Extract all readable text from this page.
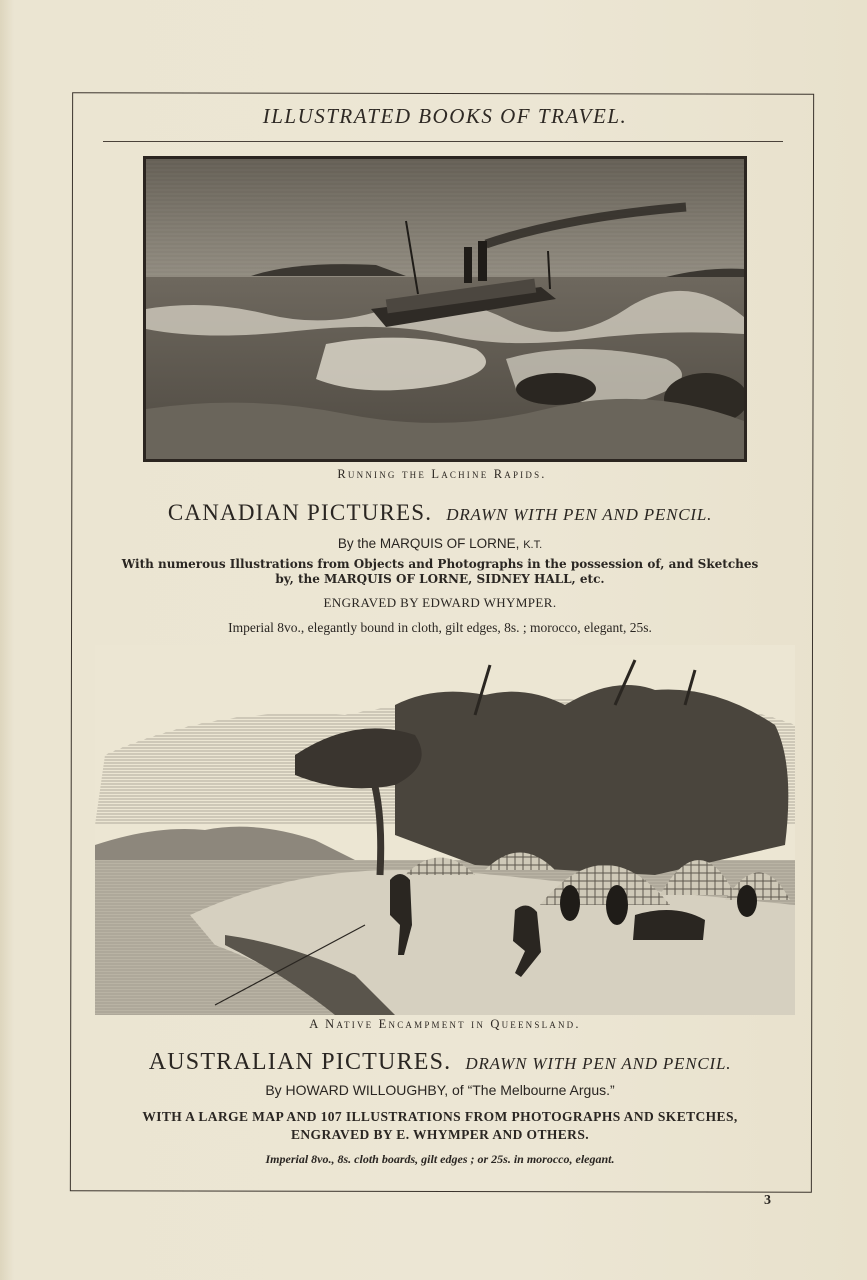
ILLUSTRATED BOOKS OF TRAVEL.
Running the Lachine Rapids.
CANADIAN PICTURES. DRAWN WITH PEN AND PENCIL.
By the MARQUIS OF LORNE, K.T.
With numerous Illustrations from Objects and Photographs in the possession of, and Sketches
by, the MARQUIS OF LORNE, SIDNEY HALL, etc.
ENGRAVED BY EDWARD WHYMPER.
Imperial 8vo., elegantly bound in cloth, gilt edges, 8s. ; morocco, elegant, 25s.
A Native Encampment in Queensland.
AUSTRALIAN PICTURES. DRAWN WITH PEN AND PENCIL.
By HOWARD WILLOUGHBY, of “The Melbourne Argus.”
WITH A LARGE MAP AND 107 ILLUSTRATIONS FROM PHOTOGRAPHS AND SKETCHES,
ENGRAVED BY E. WHYMPER AND OTHERS.
Imperial 8vo., 8s. cloth boards, gilt edges ; or 25s. in morocco, elegant.
3
